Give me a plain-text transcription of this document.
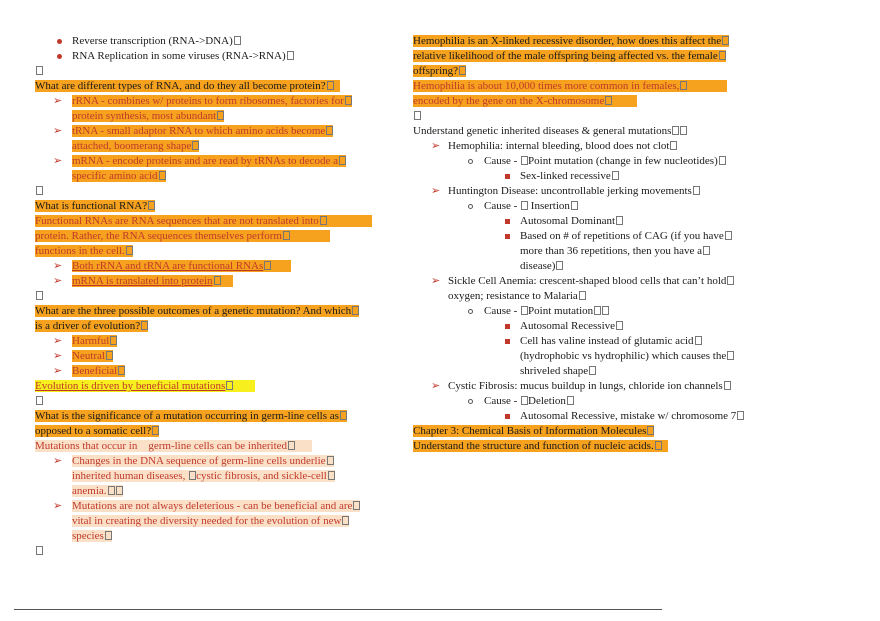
Reverse transcription (RNA->DNA)
RNA Replication in some viruses (RNA->RNA)
What are different types of RNA, and do they all become protein?
➢ rRNA - combines w/ proteins to form ribosomes, factories for
protein synthesis, most abundant
➢ tRNA - small adaptor RNA to which amino acids become
attached, boomerang shape
➢ mRNA - encode proteins and are read by tRNAs to decode a
specific amino acid
What is functional RNA?
Functional RNAs are RNA sequences that are not translated into
protein. Rather, the RNA sequences themselves perform
functions in the cell.
➢ Both rRNA and tRNA are functional RNAs
➢ mRNA is translated into protein
What are the three possible outcomes of a genetic mutation? And which
is a driver of evolution?
➢ Harmful
➢ Neutral
➢ Beneficial
Evolution is driven by beneficial mutations
What is the significance of a mutation occurring in germ-line cells as
opposed to a somatic cell?
Mutations that occur in germ-line cells can be inherited
➢ Changes in the DNA sequence of germ-line cells underlie
inherited human diseases, cystic fibrosis, and sickle-cell
anemia.
➢ Mutations are not always deleterious - can be beneficial and are
vital in creating the diversity needed for the evolution of new
species
Hemophilia is an X-linked recessive disorder, how does this affect the
relative likelihood of the male offspring being affected vs. the female
offspring?
Hemophilia is about 10,000 times more common in females,
encoded by the gene on the X-chromosome
Understand genetic inherited diseases & general mutations
➢ Hemophilia: internal bleeding, blood does not clot
Cause - Point mutation (change in few nucleotides)
Sex-linked recessive
➢ Huntington Disease: uncontrollable jerking movements
Cause -  Insertion
Autosomal Dominant
Based on # of repetitions of CAG (if you have
more than 36 repetitions, then you have a
disease)
➢ Sickle Cell Anemia: crescent-shaped blood cells that can’t hold
oxygen; resistance to Malaria
Cause - Point mutation
Autosomal Recessive
Cell has valine instead of glutamic acid
(hydrophobic vs hydrophilic) which causes the
shriveled shape
➢ Cystic Fibrosis: mucus buildup in lungs, chloride ion channels
Cause - Deletion
Autosomal Recessive, mistake w/ chromosome 7
Chapter 3: Chemical Basis of Information Molecules
Understand the structure and function of nucleic acids.
